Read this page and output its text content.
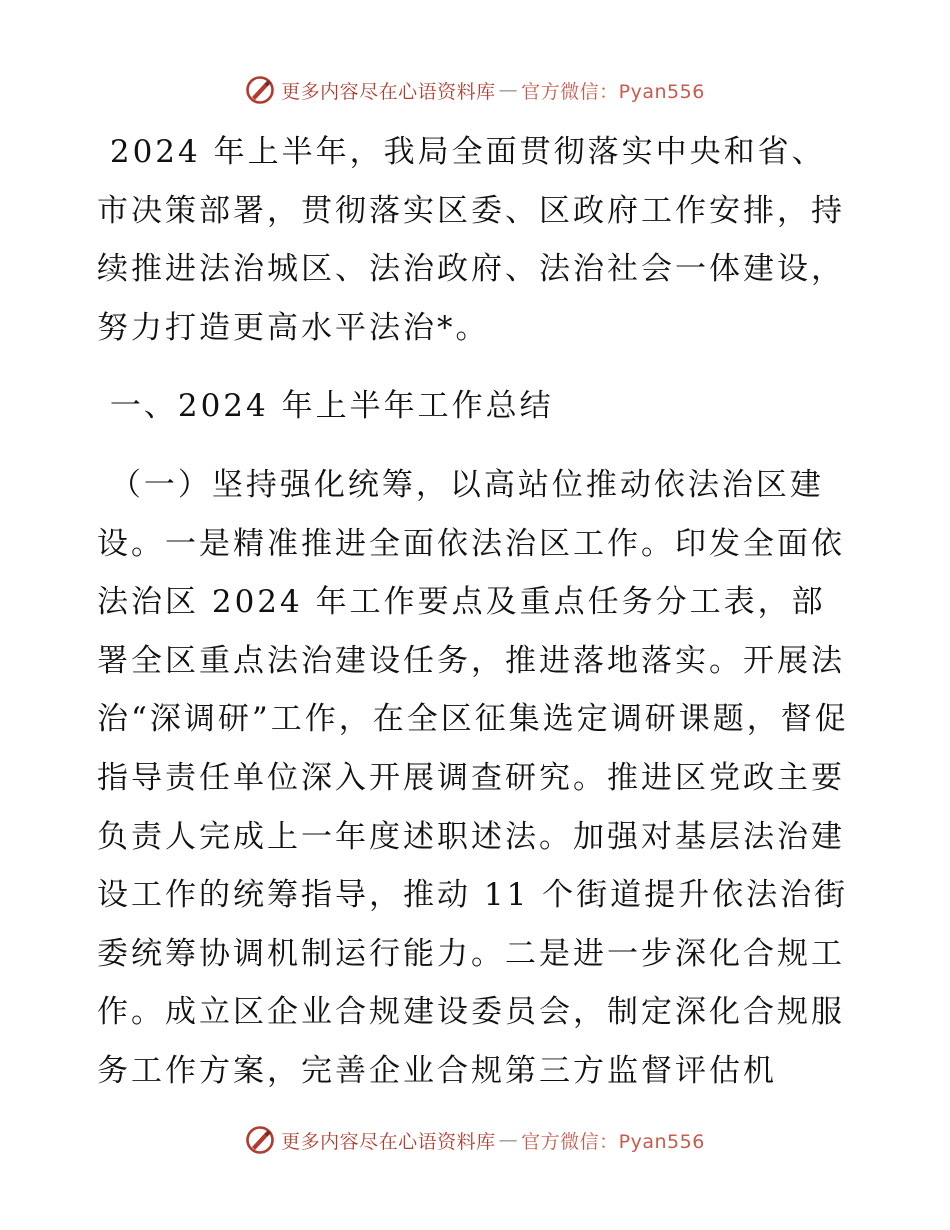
更多内容尽在心语资料库 — 官方微信：Pyan556

2024 年上半年，我局全面贯彻落实中央和省、市决策部署，贯彻落实区委、区政府工作安排，持续推进法治城区、法治政府、法治社会一体建设，努力打造更高水平法治*。

一、2024 年上半年工作总结

（一）坚持强化统筹，以高站位推动依法治区建设。一是精准推进全面依法治区工作。印发全面依法治区 2024 年工作要点及重点任务分工表，部署全区重点法治建设任务，推进落地落实。开展法治“深调研”工作，在全区征集选定调研课题，督促指导责任单位深入开展调查研究。推进区党政主要负责人完成上一年度述职述法。加强对基层法治建设工作的统筹指导，推动 11 个街道提升依法治街委统筹协调机制运行能力。二是进一步深化合规工作。成立区企业合规建设委员会，制定深化合规服务工作方案，完善企业合规第三方监督评估机

更多内容尽在心语资料库 — 官方微信：Pyan556
